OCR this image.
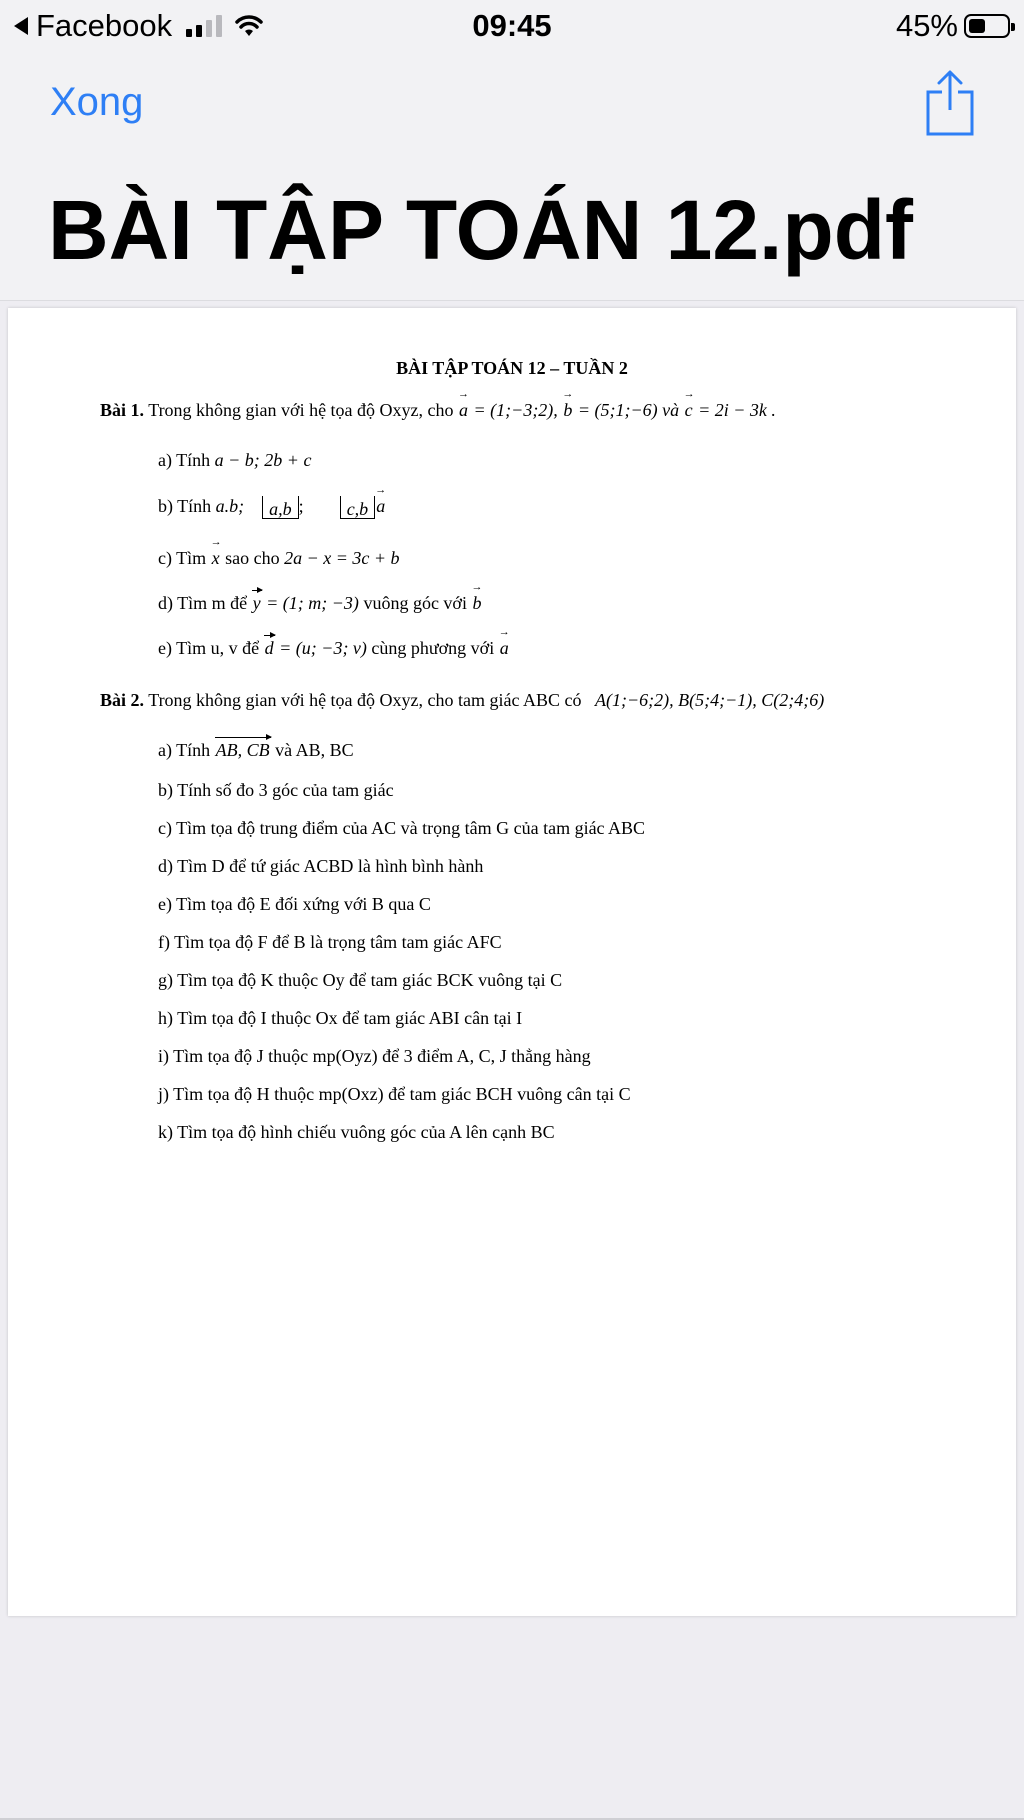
Facebook	09:45	45%
Xong
BÀI TẬP TOÁN 12.pdf
BÀI TẬP TOÁN 12 – TUẦN 2
Bài 1. Trong không gian với hệ tọa độ Oxyz, cho → a = (1;−3;2), → b = (5;1;−6) và → c = 2i − 3k .
a) Tính a − b; 2b + c
b) Tính a.b; a,b ;        c,b → a
c) Tìm → x sao cho 2a − x = 3c + b
d) Tìm m để y = (1; m; −3) vuông góc với → b
e) Tìm u, v để d = (u; −3; v) cùng phương với → a
Bài 2. Trong không gian với hệ tọa độ Oxyz, cho tam giác ABC có A(1;−6;2), B(5;4;−1), C(2;4;6)
a) Tính AB, CB và AB, BC
b) Tính số đo 3 góc của tam giác
c) Tìm tọa độ trung điểm của AC và trọng tâm G của tam giác ABC
d) Tìm D để tứ giác ACBD là hình bình hành
e) Tìm tọa độ E đối xứng với B qua C
f) Tìm tọa độ F để B là trọng tâm tam giác AFC
g) Tìm tọa độ K thuộc Oy để tam giác BCK vuông tại C
h) Tìm tọa độ I thuộc Ox để tam giác ABI cân tại I
i) Tìm tọa độ J thuộc mp(Oyz) để 3 điểm A, C, J thẳng hàng
j) Tìm tọa độ H thuộc mp(Oxz) để tam giác BCH vuông cân tại C
k) Tìm tọa độ hình chiếu vuông góc của A lên cạnh BC
